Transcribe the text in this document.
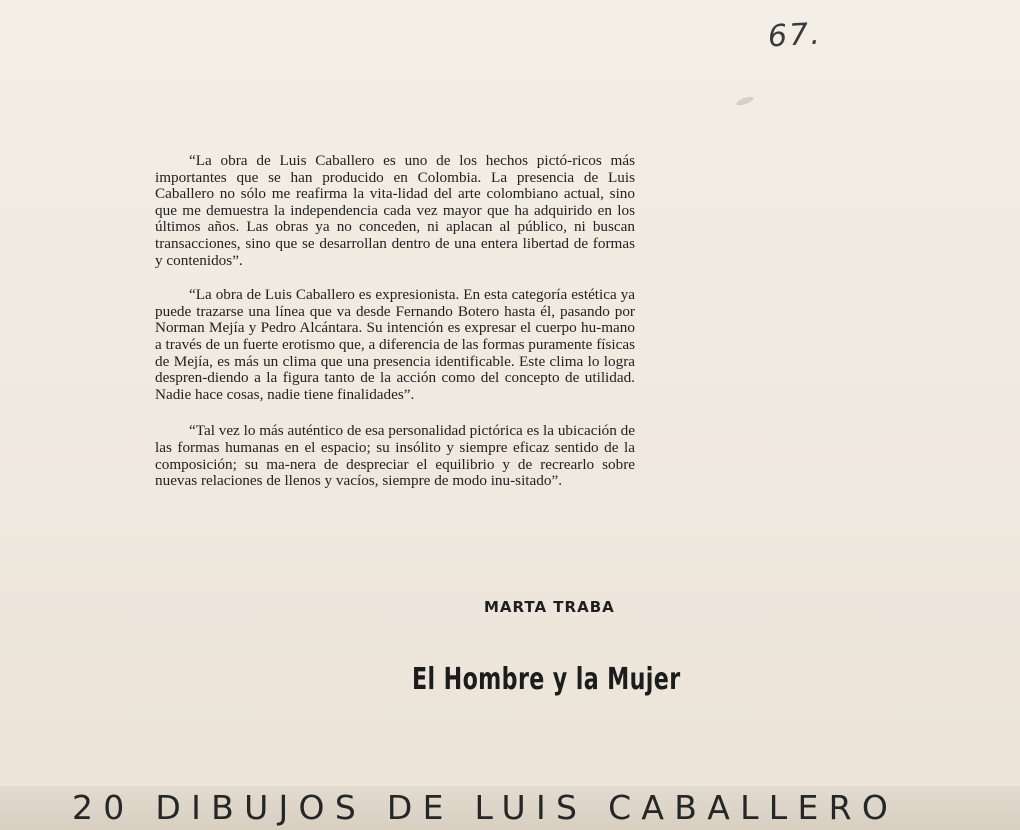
67.

“La obra de Luis Caballero es uno de los hechos pictó-ricos más importantes que se han producido en Colombia. La presencia de Luis Caballero no sólo me reafirma la vita-lidad del arte colombiano actual, sino que me demuestra la independencia cada vez mayor que ha adquirido en los últimos años. Las obras ya no conceden, ni aplacan al público, ni buscan transacciones, sino que se desarrollan dentro de una entera libertad de formas y contenidos”.

“La obra de Luis Caballero es expresionista. En esta categoría estética ya puede trazarse una línea que va desde Fernando Botero hasta él, pasando por Norman Mejía y Pedro Alcántara. Su intención es expresar el cuerpo hu-mano a través de un fuerte erotismo que, a diferencia de las formas puramente físicas de Mejía, es más un clima que una presencia identificable. Este clima lo logra despren-diendo a la figura tanto de la acción como del concepto de utilidad. Nadie hace cosas, nadie tiene finalidades”.

“Tal vez lo más auténtico de esa personalidad pictórica es la ubicación de las formas humanas en el espacio; su insólito y siempre eficaz sentido de la composición; su ma-nera de despreciar el equilibrio y de recrearlo sobre nuevas relaciones de llenos y vacíos, siempre de modo inu-sitado”.

MARTA TRABA
El Hombre y la Mujer
20 DIBUJOS DE LUIS CABALLERO
